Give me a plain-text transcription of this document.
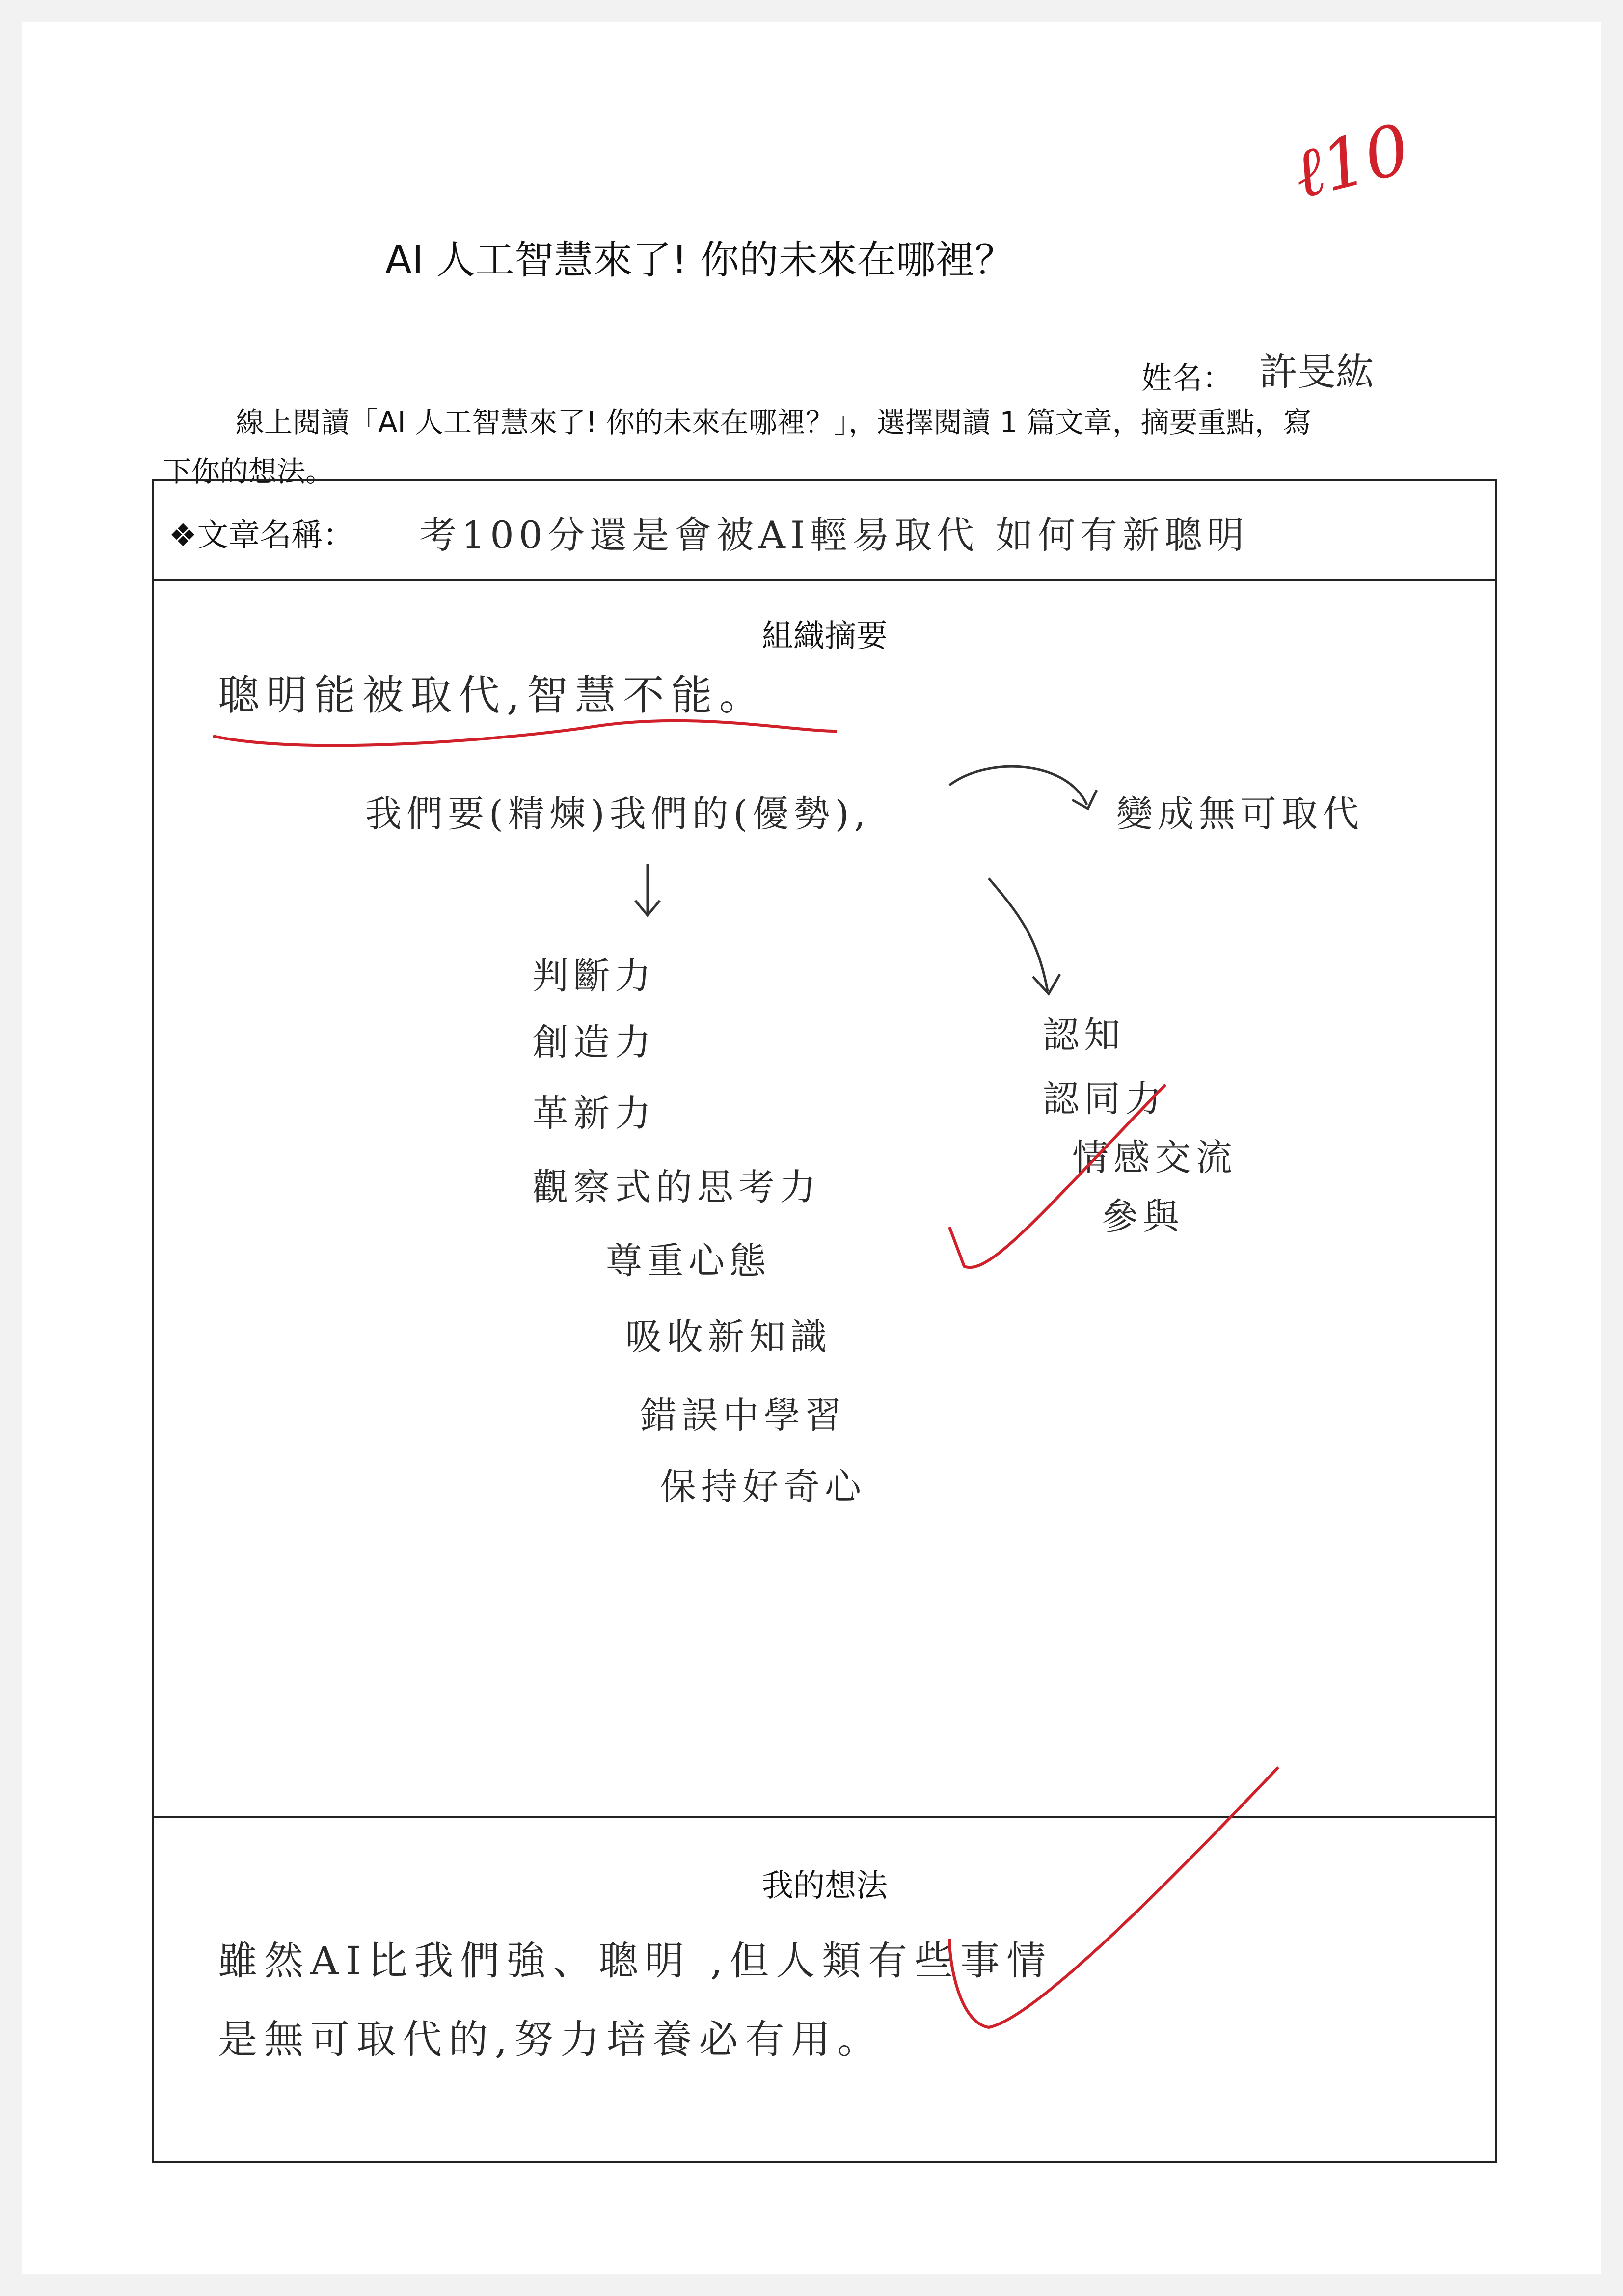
AI 人工智慧來了! 你的未來在哪裡？
ℓ10
姓名： 許旻紘
線上閱讀「AI 人工智慧來了! 你的未來在哪裡？」，選擇閱讀 1 篇文章，摘要重點，寫
下你的想法。
❖文章名稱： 考100分還是會被AI輕易取代 如何有新聰明
組織摘要
聰明能被取代,智慧不能。
我們要(精煉)我們的(優勢),	變成無可取代
判斷力
創造力
革新力
觀察式的思考力
尊重心態
吸收新知識
錯誤中學習
保持好奇心
認知
認同力
情感交流
參與
我的想法
雖然AI比我們強、聰明 ,但人類有些事情
是無可取代的,努力培養必有用。
